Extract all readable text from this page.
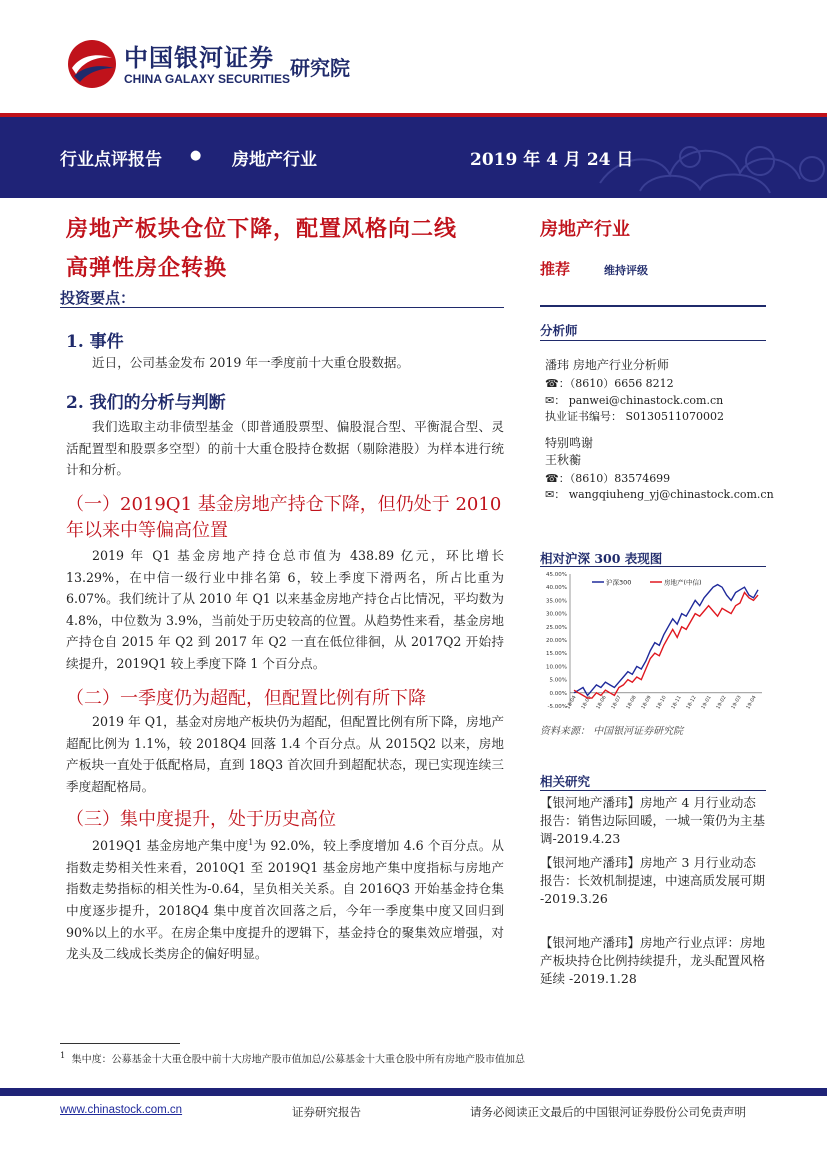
中国银河证券
CHINA GALAXY SECURITIES 研究院
行业点评报告 ● 房地产行业	2019 年 4 月 24 日
房地产板块仓位下降，配置风格向二线
高弹性房企转换
投资要点：
1. 事件
近日，公司基金发布 2019 年一季度前十大重仓股数据。
2. 我们的分析与判断
我们选取主动非债型基金（即普通股票型、偏股混合型、平衡混合型、灵活配置型和股票多空型）的前十大重仓股持仓数据（剔除港股）为样本进行统计和分析。
（一）2019Q1 基金房地产持仓下降，但仍处于 2010 年以来中等偏高位置
2019 年 Q1 基金房地产持仓总市值为 438.89 亿元，环比增长 13.29%，在中信一级行业中排名第 6，较上季度下滑两名，所占比重为 6.07%。我们统计了从 2010 年 Q1 以来基金房地产持仓占比情况，平均数为 4.8%，中位数为 3.9%，当前处于历史较高的位置。从趋势性来看，基金房地产持仓自 2015 年 Q2 到 2017 年 Q2 一直在低位徘徊，从 2017Q2 开始持续提升，2019Q1 较上季度下降 1 个百分点。
（二）一季度仍为超配，但配置比例有所下降
2019 年 Q1，基金对房地产板块仍为超配，但配置比例有所下降，房地产超配比例为 1.1%，较 2018Q4 回落 1.4 个百分点。从 2015Q2 以来，房地产板块一直处于低配格局，直到 18Q3 首次回升到超配状态，现已实现连续三季度超配格局。
（三）集中度提升，处于历史高位
2019Q1 基金房地产集中度$^1$为 92.0%，较上季度增加 4.6 个百分点。从指数走势相关性来看，2010Q1 至 2019Q1 基金房地产集中度指标与房地产指数走势指标的相关性为-0.64，呈负相关关系。自 2016Q3 开始基金持仓集中度逐步提升，2018Q4 集中度首次回落之后，今年一季度集中度又回归到 90%以上的水平。在房企集中度提升的逻辑下，基金持仓的聚集效应增强，对龙头及二线成长类房企的偏好明显。
房地产行业
推荐	维持评级
分析师
潘玮 房地产行业分析师
☎：（8610）6656 8212
✉： panwei@chinastock.com.cn
执业证书编号： S0130511070002
特别鸣谢
王秋蘅
☎：（8610）83574699
✉： wangqiuheng_yj@chinastock.com.cn
相对沪深 300 表现图
-5.00%
0.00%
5.00%
10.00%
15.00%
20.00%
25.00%
30.00%
35.00%
40.00%
45.00%
18-04 18-05 18-06 18-07 18-08 18-09 18-10 18-11 18-12 19-01 19-02 19-03 19-04
沪深300	房地产(中信)
资料来源： 中国银河证券研究院
相关研究
【银河地产潘玮】房地产 4 月行业动态报告：销售边际回暖，一城一策仍为主基调-2019.4.23
【银河地产潘玮】房地产 3 月行业动态报告：长效机制提速，中速高质发展可期 -2019.3.26
【银河地产潘玮】房地产行业点评：房地产板块持仓比例持续提升，龙头配置风格延续 -2019.1.28
$^1$ 集中度：公募基金十大重仓股中前十大房地产股市值加总/公募基金十大重仓股中所有房地产股市值加总
www.chinastock.com.cn	证券研究报告	请务必阅读正文最后的中国银河证券股份公司免责声明
